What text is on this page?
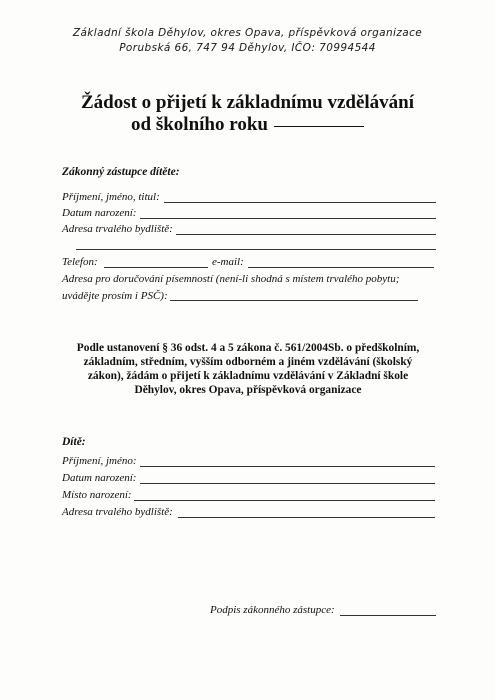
Základní škola Děhylov, okres Opava, příspěvková organizace
Porubská 66, 747 94 Děhylov, IČO: 70994544
Žádost o přijetí k základnímu vzdělávání
od školního roku
Zákonný zástupce dítěte:
Příjmení, jméno, titul:
Datum narození:
Adresa trvalého bydliště:
Telefon:	e-mail:
Adresa pro doručování písemností (není-li shodná s místem trvalého pobytu;
uvádějte prosím i PSČ):
Podle ustanovení § 36 odst. 4 a 5 zákona č. 561/2004Sb. o předškolním,
základním, středním, vyšším odborném a jiném vzdělávání (školský
zákon), žádám o přijetí k základnímu vzdělávání v Základní škole
Děhylov, okres Opava, příspěvková organizace
Dítě:
Příjmení, jméno:
Datum narození:
Místo narození:
Adresa trvalého bydliště:
Podpis zákonného zástupce:
